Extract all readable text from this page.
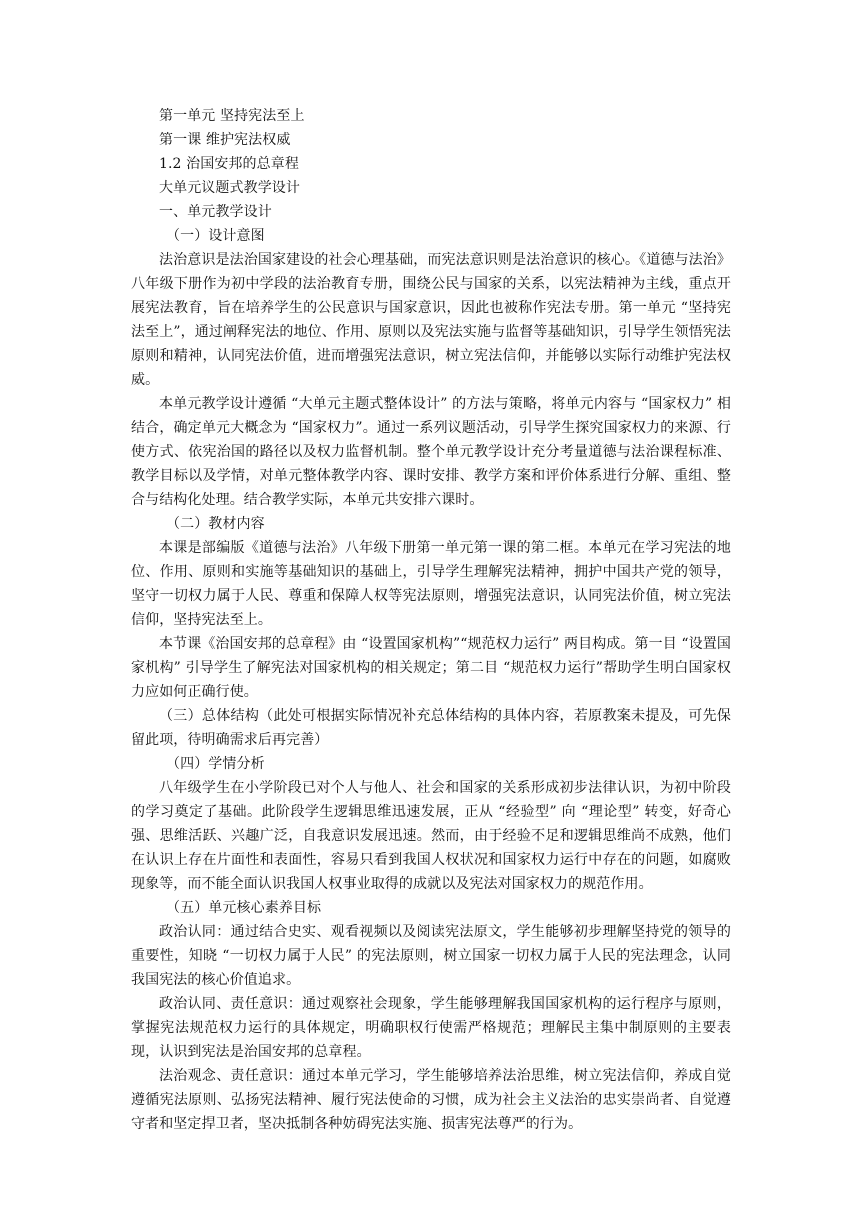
第一单元 坚持宪法至上

第一课 维护宪法权威

1.2 治国安邦的总章程

大单元议题式教学设计

一、单元教学设计

（一）设计意图

法治意识是法治国家建设的社会心理基础，而宪法意识则是法治意识的核心。《道德与法治》八年级下册作为初中学段的法治教育专册，围绕公民与国家的关系，以宪法精神为主线，重点开展宪法教育，旨在培养学生的公民意识与国家意识，因此也被称作宪法专册。第一单元 “坚持宪法至上”，通过阐释宪法的地位、作用、原则以及宪法实施与监督等基础知识，引导学生领悟宪法原则和精神，认同宪法价值，进而增强宪法意识，树立宪法信仰，并能够以实际行动维护宪法权威。

本单元教学设计遵循 “大单元主题式整体设计” 的方法与策略，将单元内容与 “国家权力” 相结合，确定单元大概念为 “国家权力”。通过一系列议题活动，引导学生探究国家权力的来源、行使方式、依宪治国的路径以及权力监督机制。整个单元教学设计充分考量道德与法治课程标准、教学目标以及学情，对单元整体教学内容、课时安排、教学方案和评价体系进行分解、重组、整合与结构化处理。结合教学实际，本单元共安排六课时。

（二）教材内容

本课是部编版《道德与法治》八年级下册第一单元第一课的第二框。本单元在学习宪法的地位、作用、原则和实施等基础知识的基础上，引导学生理解宪法精神，拥护中国共产党的领导，坚守一切权力属于人民、尊重和保障人权等宪法原则，增强宪法意识，认同宪法价值，树立宪法信仰，坚持宪法至上。

本节课《治国安邦的总章程》由 “设置国家机构”“规范权力运行” 两目构成。第一目 “设置国家机构” 引导学生了解宪法对国家机构的相关规定；第二目 “规范权力运行”帮助学生明白国家权力应如何正确行使。

（三）总体结构（此处可根据实际情况补充总体结构的具体内容，若原教案未提及，可先保留此项，待明确需求后再完善）

（四）学情分析

八年级学生在小学阶段已对个人与他人、社会和国家的关系形成初步法律认识，为初中阶段的学习奠定了基础。此阶段学生逻辑思维迅速发展，正从 “经验型” 向 “理论型” 转变，好奇心强、思维活跃、兴趣广泛，自我意识发展迅速。然而，由于经验不足和逻辑思维尚不成熟，他们在认识上存在片面性和表面性，容易只看到我国人权状况和国家权力运行中存在的问题，如腐败现象等，而不能全面认识我国人权事业取得的成就以及宪法对国家权力的规范作用。

（五）单元核心素养目标

政治认同：通过结合史实、观看视频以及阅读宪法原文，学生能够初步理解坚持党的领导的重要性，知晓 “一切权力属于人民” 的宪法原则，树立国家一切权力属于人民的宪法理念，认同我国宪法的核心价值追求。

政治认同、责任意识：通过观察社会现象，学生能够理解我国国家机构的运行程序与原则，掌握宪法规范权力运行的具体规定，明确职权行使需严格规范；理解民主集中制原则的主要表现，认识到宪法是治国安邦的总章程。

法治观念、责任意识：通过本单元学习，学生能够培养法治思维，树立宪法信仰，养成自觉遵循宪法原则、弘扬宪法精神、履行宪法使命的习惯，成为社会主义法治的忠实崇尚者、自觉遵守者和坚定捍卫者，坚决抵制各种妨碍宪法实施、损害宪法尊严的行为。
